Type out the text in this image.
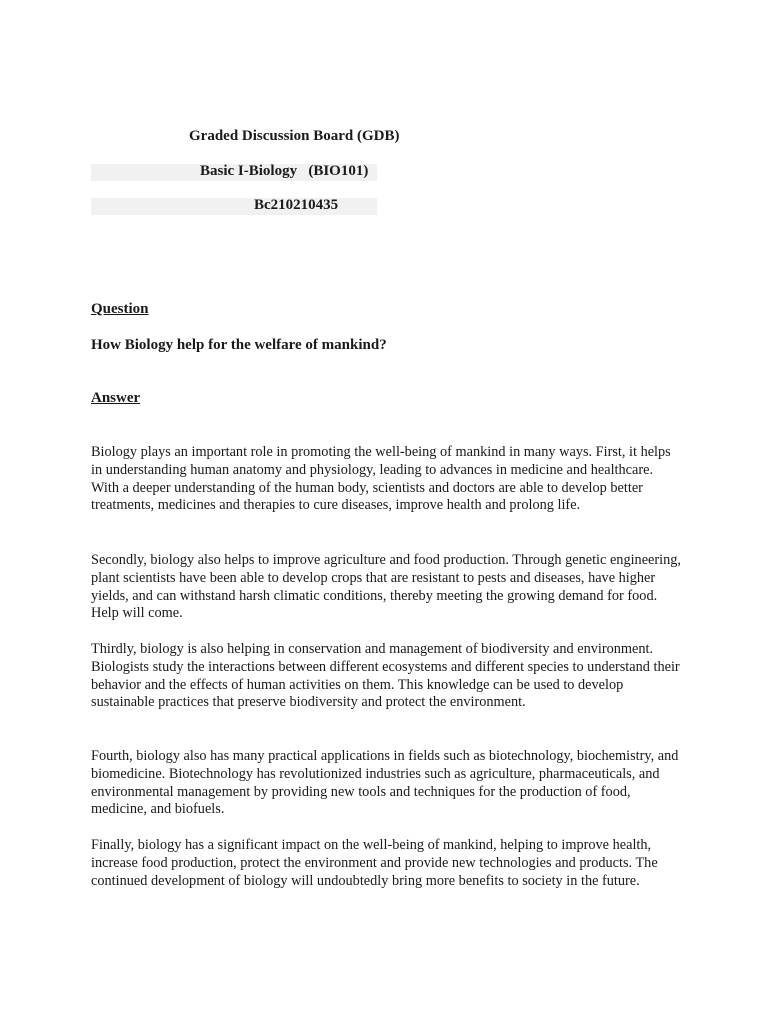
Graded Discussion Board (GDB)
Basic I-Biology   (BIO101)
Bc210210435
Question
How Biology help for the welfare of mankind?
Answer

Biology plays an important role in promoting the well-being of mankind in many ways. First, it helps in understanding human anatomy and physiology, leading to advances in medicine and healthcare. With a deeper understanding of the human body, scientists and doctors are able to develop better treatments, medicines and therapies to cure diseases, improve health and prolong life.

Secondly, biology also helps to improve agriculture and food production. Through genetic engineering, plant scientists have been able to develop crops that are resistant to pests and diseases, have higher yields, and can withstand harsh climatic conditions, thereby meeting the growing demand for food. Help will come.

Thirdly, biology is also helping in conservation and management of biodiversity and environment. Biologists study the interactions between different ecosystems and different species to understand their behavior and the effects of human activities on them. This knowledge can be used to develop sustainable practices that preserve biodiversity and protect the environment.

Fourth, biology also has many practical applications in fields such as biotechnology, biochemistry, and biomedicine. Biotechnology has revolutionized industries such as agriculture, pharmaceuticals, and environmental management by providing new tools and techniques for the production of food, medicine, and biofuels.

Finally, biology has a significant impact on the well-being of mankind, helping to improve health, increase food production, protect the environment and provide new technologies and products. The continued development of biology will undoubtedly bring more benefits to society in the future.
